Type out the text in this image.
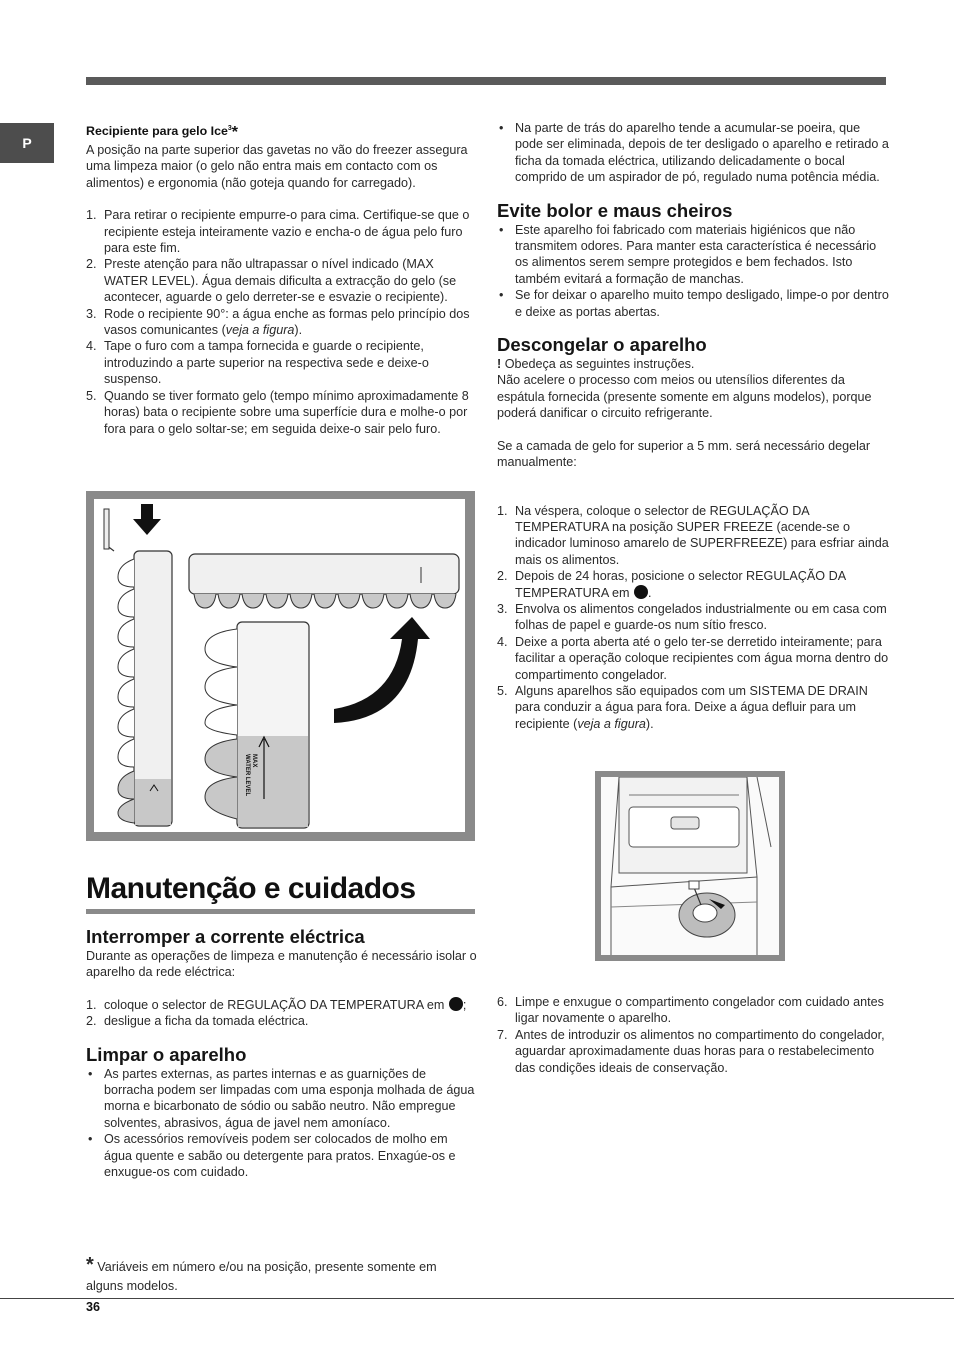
P
Recipiente para gelo Ice$^3$*

A posição na parte superior das gavetas no vão do freezer assegura uma limpeza maior (o gelo não entra mais em contacto com os alimentos) e ergonomia (não goteja quando for carregado).

1. Para retirar o recipiente empurre-o para cima. Certifique-se que o recipiente esteja inteiramente vazio e encha-o de água pelo furo para este fim.
2. Preste atenção para não ultrapassar o nível indicado (MAX WATER LEVEL). Água demais dificulta a extracção do gelo (se acontecer, aguarde o gelo derreter-se e esvazie o recipiente).
3. Rode o recipiente 90°: a água enche as formas pelo princípio dos vasos comunicantes (veja a figura).
4. Tape o furo com a tampa fornecida e guarde o recipiente, introduzindo a parte superior na respectiva sede e deixe-o suspenso.
5. Quando se tiver formato gelo (tempo mínimo aproximadamente 8 horas) bata o recipiente sobre uma superfície dura e molhe-o por fora para o gelo soltar-se; em seguida deixe-o sair pelo furo.
MAX
WATER LEVEL
Manutenção e cuidados
Interromper a corrente eléctrica

Durante as operações de limpeza e manutenção é necessário isolar o aparelho da rede eléctrica:

1. coloque o selector de REGULAÇÃO DA TEMPERATURA em ;
2. desligue a ficha da tomada eléctrica.
Limpar o aparelho
• As partes externas, as partes internas e as guarnições de borracha podem ser limpadas com uma esponja molhada de água morna e bicarbonato de sódio ou sabão neutro. Não empregue solventes, abrasivos, água de javel nem amoníaco.
• Os acessórios removíveis podem ser colocados de molho em água quente e sabão ou detergente para pratos. Enxagúe-os e enxugue-os com cuidado.
• Na parte de trás do aparelho tende a acumular-se poeira, que pode ser eliminada, depois de ter desligado o aparelho e retirado a ficha da tomada eléctrica, utilizando delicadamente o bocal comprido de um aspirador de pó, regulado numa potência média.
Evite bolor e maus cheiros
• Este aparelho foi fabricado com materiais higiénicos que não transmitem odores. Para manter esta característica é necessário os alimentos serem sempre protegidos e bem fechados. Isto também evitará a formação de manchas.
• Se for deixar o aparelho muito tempo desligado, limpe-o por dentro e deixe as portas abertas.
Descongelar o aparelho

! Obedeça as seguintes instruções.

Não acelere o processo com meios ou utensílios diferentes da espátula fornecida (presente somente em alguns modelos), porque poderá danificar o circuito refrigerante.

Se a camada de gelo for superior a 5 mm. será necessário degelar manualmente:

1. Na véspera, coloque o selector de REGULAÇÃO DA TEMPERATURA na posição SUPER FREEZE (acende-se o indicador luminoso amarelo de SUPERFREEZE) para esfriar ainda mais os alimentos.
2. Depois de 24 horas, posicione o selector REGULAÇÃO DA TEMPERATURA em .
3. Envolva os alimentos congelados industrialmente ou em casa com folhas de papel e guarde-os num sítio fresco.
4. Deixe a porta aberta até o gelo ter-se derretido inteiramente; para facilitar a operação coloque recipientes com água morna dentro do compartimento congelador.
5. Alguns aparelhos são equipados com um SISTEMA DE DRAIN para conduzir a água para fora. Deixe a água defluir para um recipiente (veja a figura).
6. Limpe e enxugue o compartimento congelador com cuidado antes ligar novamente o aparelho.
7. Antes de introduzir os alimentos no compartimento do congelador, aguardar aproximadamente duas horas para o restabelecimento das condições ideais de conservação.
* Variáveis em número e/ou na posição, presente somente em alguns modelos.
36
